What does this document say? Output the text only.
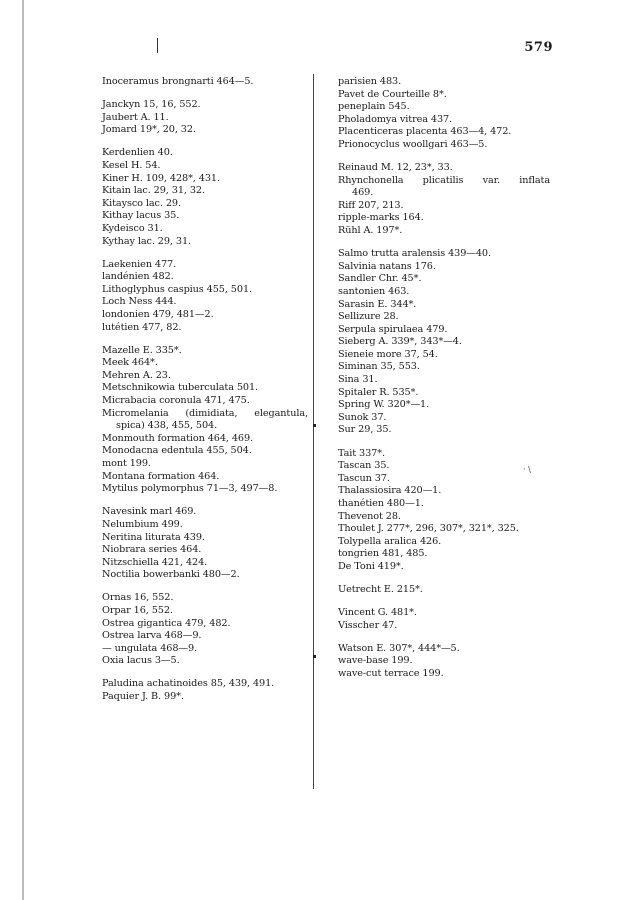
579
· \
Inoceramus brongnarti 464—5.
Janckyn 15, 16, 552.
Jaubert A. 11.
Jomard 19*, 20, 32.
Kerdenlien 40.
Kesel H. 54.
Kiner H. 109, 428*, 431.
Kitain lac. 29, 31, 32.
Kitaysco lac. 29.
Kithay lacus 35.
Kydeisco 31.
Kythay lac. 29, 31.
Laekenien 477.
landénien 482.
Lithoglyphus caspius 455, 501.
Loch Ness 444.
londonien 479, 481—2.
lutétien 477, 82.
Mazelle E. 335*.
Meek 464*.
Mehren A. 23.
Metschnikowia tuberculata 501.
Micrabacia coronula 471, 475.
Micromelania (dimidiata, elegantula,
spica) 438, 455, 504.
Monmouth formation 464, 469.
Monodacna edentula 455, 504.
mont 199.
Montana formation 464.
Mytilus polymorphus 71—3, 497—8.
Navesink marl 469.
Nelumbium 499.
Neritina liturata 439.
Niobrara series 464.
Nitzschiella 421, 424.
Noctilia bowerbanki 480—2.
Ornas 16, 552.
Orpar 16, 552.
Ostrea gigantica 479, 482.
Ostrea larva 468—9.
— ungulata 468—9.
Oxia lacus 3—5.
Paludina achatinoides 85, 439, 491.
Paquier J. B. 99*.
parisien 483.
Pavet de Courteille 8*.
peneplain 545.
Pholadomya vitrea 437.
Placenticeras placenta 463—4, 472.
Prionocyclus woollgari 463—5.
Reinaud M. 12, 23*, 33.
Rhynchonella plicatilis var. inflata
469.
Riff 207, 213.
ripple-marks 164.
Rühl A. 197*.
Salmo trutta aralensis 439—40.
Salvinia natans 176.
Sandler Chr. 45*.
santonien 463.
Sarasin E. 344*.
Sellizure 28.
Serpula spirulaea 479.
Sieberg A. 339*, 343*—4.
Sieneie more 37, 54.
Siminan 35, 553.
Sina 31.
Spitaler R. 535*.
Spring W. 320*—1.
Sunok 37.
Sur 29, 35.
Tait 337*.
Tascan 35.
Tascun 37.
Thalassiosira 420—1.
thanétien 480—1.
Thevenot 28.
Thoulet J. 277*, 296, 307*, 321*, 325.
Tolypella aralica 426.
tongrien 481, 485.
De Toni 419*.
Uetrecht E. 215*.
Vincent G. 481*.
Visscher 47.
Watson E. 307*, 444*—5.
wave-base 199.
wave-cut terrace 199.
